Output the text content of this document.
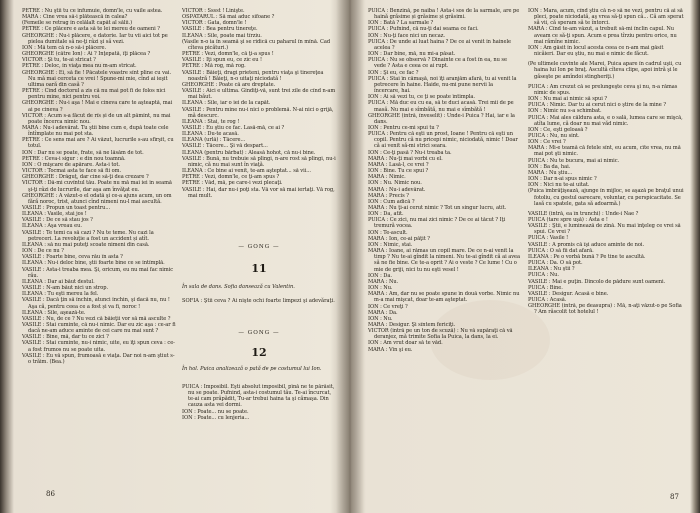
PETRE : Nu ştii tu ce înfumuie, domn'le, cu vaile astea.

MARA : Cine vrea să-i plătească în calea?

(Femeile se retrag în celălalt capăt al sălii.)

PETRE : Ce plăcere e asta să te lei mereu de oameni ?

GHEORGHE : Nu-i plăcere, e datorie. Iar tu vii aici tot pe pielea dumitale să ne-ţi râzi şi să vezi.

ION : Mă tem că n-o să-i plăcere.

GHEORGHE (către Ion) : Ai ? Înţepată, îţi plăcea ?

VICTOR : Şi tu, te-ai stricat ?

PETRE : Deloc, în viaţa mea nu m-am stricat.

GHEORGHE : Ei, să fie ! Păcatele voastre sînt pline cu vai. Nu mă mai cerceta ce vrei ! Spune-mi mie, cînd ai ieşit ultima oară din casă ?

PETRE : Cînd doctorul a zis că nu mai pot fi de folos nici pentru mine, nici pentru voi.

GHEORGHE : Nu-i aşa ! Mai e cineva care te aşteaptă, mai ai pe cineva ?

VICTOR : Acum s-a făcut de rîs și de un alt pămînt, nu mai poate încerca nimic nou.

MARA : Nu-i adevărat. Tu ştii bine cum e, după toate cele întîmplate nu mai pot sta.

PETRE : Ce sens mai are ? Ai văzut, lucrurile s-au sfîrşit, cu totul.

ION : Dar nu se poate, frate, să ne lăsăm de tot.

PETRE : Ceva-i sigur : e din nou toamnă.

ION : O mişcare de apărare. Asta-i tot.

VICTOR : Tocmai asta te face să fii om.

GHEORGHE : Drăguţ, dar cine să-ţi dea crezare ?

VICTOR : Dă-mi cuvîntul tău. Poate nu mă mai iei în seamă şi-ţi râzi de lucrurile, dar aşa am învăţat eu.

GHEORGHE : A văzut-o el odată şi ce-a ajuns acum, un om fără noroc, trist, atunci cînd nimeni nu-l mai ascultă.

VASILE : Propun un toast pentru...

ILEANA : Vasile, stai jos !

VASILE : De ce să stau jos ?

ILEANA : Aşa vreau eu.

VASILE : Te temi ca să cazi ? Nu te teme. Nu cazi la petreceri. La revoluţie a fost un accident și atît.

ILEANA : să nu mai puteţi scoate nimeni din casă.

ION : De ce nu ?

VASILE : Foarte bine, ceva rău în asta ?

ILEANA : Nu-i deloc bine, ştii foarte bine ce se întîmplă.

VASILE : Asta-i treaba mea. Şi, oricum, eu nu mai fac nimic rău.

ILEANA : Dar ai băut destul.

VASILE : N-am băut nici un strop.

ILEANA : Tu eşti mereu la fel.

VASILE : Dacă ţin să închin, atunci închin, şi dacă nu, nu ! Aşa că, pentru ceea ce a fost și va fi, noroc !

ILEANA : Sile, aşează-te.

VASILE : Nu, de ce ? Nu vezi că băieţii vor să mă asculte ?

VASILE : Stai cuminte, că nu-i nimic. Dar eu zic aşa : ce-ar fi dacă ne-am aduce aminte de cei care nu mai sunt ?

VASILE : Bine, mă, dar tu ce zici ?

VASILE : Stai cuminte, nu-i nimic, uite, eu îţi spun ceva : ce-a fost frumos nu se poate uita.

VASILE : Eu vă spun, frumoasă e viaţa. Dar noi n-am ştiut s-o trăim. (Bea.)

VICTOR : Sssst ! Linişte.

OSPĂTARUL : Să mai aduc sifoane ?

VICTOR : Gata, domn'le !

VASILE : Bea pentru tinereţe.

ILEANA : Sile, poate mai tîrziu.

(Vasile n-o ia în seamă şi se ridică cu paharul în mînă. Cad cîteva picături.)

PETRE : Vezi, domn'le, că ţi-a spus !

VASILE : Îţi spun eu, ce zic eu !

PETRE : Mă rog, mă rog.

VASILE : Băieţi, dragi prieteni, pentru viaţa şi tinereţea noastră ! Băieţi, n-o uitaţi niciodată !

GHEORGHE : Poate că are dreptate.

VASILE : Aici e ultima. Gîndiţi-vă, sunt trei zile de cînd n-am mai băut.

ILEANA : Sile, iar o iei de la capăt.

VASILE : Pentru mine nu-i nici o problemă. N-ai nici o grijă, mă descurc.

ILEANA : Stai, te rog !

VASILE : Eu ştiu ce fac. Lasă-mă, ce ai ?

ILEANA : Du-te acasă.

ILEANA (urlă) : Tăcere...

VASILE : Tăcere... Şi vă despart...

ILEANA (pentru bărbat) : Aleasă hohot, că nu-i bine.

VASILE : Bună, nu trebuie să plîngi, n-are rost să plîngi, nu-i nimic, că nu mai sunt în viaţă.

ILEANA : Ce bine ai venit, te-am aşteptat... să vii...

PETRE : Vezi, domn'le, ce ţi-am spus ?

PETRE : Văd, mă, pe care-i vezi plecaţi.

VASILE : Hai, dar nu-i poţi sta. Vă vor să mai iertaţi. Vă rog, mai mult.

— GONG —
11
În sala de dans. Sofia dansează cu Valentin.
SOFIA : Ştii ceva ? Ai nişte ochi foarte limpezi şi adevăraţi.
— GONG —
12
În hol. Puica analizează o pată de pe costumul lui Ion.

PUICA : Imposibil. Eşti absolut imposibil, pînă ne te părăsit, nu se poate. Pufnind, asta-i costumul tău. Te-ai încurcat, te-ai cam prăpădit, Tu-ar trebui haina ta şi cămaşa. Din cauza asta vei dormi.

ION : Poate... nu se poate.

ION : Poate... cu lenjeria...

86

PUICA : Benzină, pe naiba ! Asta-i sos de la sarmale, are pe haină grăsime și grăsime și grăsimi.

ION : Bată ? La sarmale ?

PUICA : Pufnind, că nu-ţi dai seama ce faci.

ION : Nu-ţi face nici un necaz.

PUICA : De unde ai luat haina ? De ce ai venit în hainele acelea ?

ION : Dar bine, mă, nu mi-a păsat.

PUICA : Nu se observă ? Dinainte ce a fost în ea, nu se vede ? Asta e ceea ce ai rupt.

ION : Şi eu, ce fac ?

PUICA : Stai în cămaşă, noi îţi aranjăm afară, tu ai venit la petrecere în haine. Haide, nu-mi pune nervii la încercare, hai.

ION : Ai să vezi tu, ce ţi se poate întîmpla.

PUICA : Mă duc eu cu ea, să te duci acasă. Trei mii de pe masă. Nu mai e sîmbătă, nu mai e sîmbătă !

GHEORGHE (intră, înveselit) : Unde-i Puica ? Hai, iar e la dans.

ION : Pentru ce-mi spui tu ?

PUICA : Pentru că eşti un prost, Ioane ! Pentru că eşti un copil. Pentru că nu pricepi nimic, niciodată, nimic ! Doar că ai venit să-mi strici seara.

ION : Ce-ţi pasă ? Nu-i treaba ta.

MARA : Nu-ţi mai vorbi cu el.

MARA : Lasă-l, ce vrei ?

ION : Bine. Tu ce spui ?

MARA : Nimic.

ION : Nu. Nimic nou.

MARA : Nu-i adevărat.

MARA : Precis ?

ION : Cum adică ?

MARA : Nu ţi-ai cerut nimic ? Tot un singur lucru, atît.

ION : Da, atît.

PUICA : Ce zici, nu mai zici nimic ? De ce ai tăcut ? Îţi tremură vocea.

ION : Te-ascult.

MARA : Ion, ce-ai păţit ?

ION : Nimic, stai.

MARA : Ioane, ai rămas un copil mare. De ce n-ai venit la timp ? Nu te-ai gîndit la nimeni. Nu te-ai gîndit că ai avea să ne fie bine. Ce te-a oprit ? Ai o veste ? Ce lume ! Cu o mie de griji, nici tu nu eşti vesel !

ION : Da.

MARA : Nu.

ION : Nu.

MARA : Am, dar nu se poate spune în două vorbe. Nimic nu m-a mai mişcat, doar te-am aşteptat.

ION : Ce vreţi ?

MARA : Da.

ION : Nu.

MARA : Desigur. Şi sîntem fericiţi.

VICTOR (intră pe un ton de scuză) : Nu vă supăraţi că vă deranjez, mă trimite Sofia la Puica, la dans, la ei.

ION : Am vrut doar să te văd.

MARA : Vin şi eu.

ION : Mara, acum, cînd ştiu că n-o să ne vezi, pentru că ai să pleci, poate niciodată, aş vrea să-ţi spun că... Că am sperat să vii, că speram să te întorci.

MARA : Cînd te-am văzut, a trebuit să-mi înclin capul. Nu aveam ce să-ţi spun. Acum e prea tîrziu pentru orice, nu mai rămîne nimic.

ION : Am găsit în locul acesta ceea ce n-am mai găsit nicăieri. Dar eu ştiu, nu mai e nimic de făcut.

(Pe ultimele cuvinte ale Marei, Puica apare în cadrul uşii, cu haina lui Ion pe braţ. Ascultă cîteva clipe, apoi intră şi le găseşte pe amîndoi stingheriţi.)

PUICA : Am crezut că se prelungeşte ceva şi nu, n-a rămas nimic de spus.

ION : Nu mai ai nimic să spui ?

PUICA : Nimic. Dar tu ai cerut nici o ştire de la mine ?

ION : Nimic nu s-a schimbat.

PUICA : Mai ales căldura asta, e o sală, lumea care se mişcă, atîta lume, că doar nu mai văd nimic.

ION : Ce, eşti geloasă ?

PUICA : Nu, nu sînt.

ION : Ce vrei ?

MARA : Mi-e teamă că fetele sînt, eu acum, cîte vrea, nu mă mai pot şti nimic.

PUICA : Nu te bucura, mai ai nimic.

ION : Ba da, hai.

MARA : Nu ştiu...

ION : Dar n-ai spus nimic ?

ION : Nici nu te-ai uitat.

(Puica îmbrăţişează, ajunge în mijloc, se aşază pe braţul unui fotoliu, cu gestul oarecare, voluntar, cu perspicacitate. Se lasă cu spatele, gata să adoarmă.)

VASILE (intră, ea în trunchi) : Unde-i Nae ?

PUICA (tare spre uşă) : Asta e !

VASILE : Ştii, e luminează de zînă. Nu mai înţeleg ce vrei să spui. Ce vrei ?

PUICA : Vasile !

VASILE : A promis că îşi aduce aminte de noi.

PUICA : O să fii dat afară.

ILEANA : Pe o vorbă bună ? Pe tine te ascultă.

PUICA : Da. O să pot.

ILEANA : Nu ştii ?

PUICA : Nu.

VASILE : Mai e puţin. Dincolo de pădure sunt oameni.

PUICA : Bine.

VASILE : Desigur. Acasă e bine.

PUICA : Acasă.

GHEORGHE (intră, pe deasupra) : Mă, n-aţi văzut-o pe Sofia ? Am răscolit tot hotelul !

87
